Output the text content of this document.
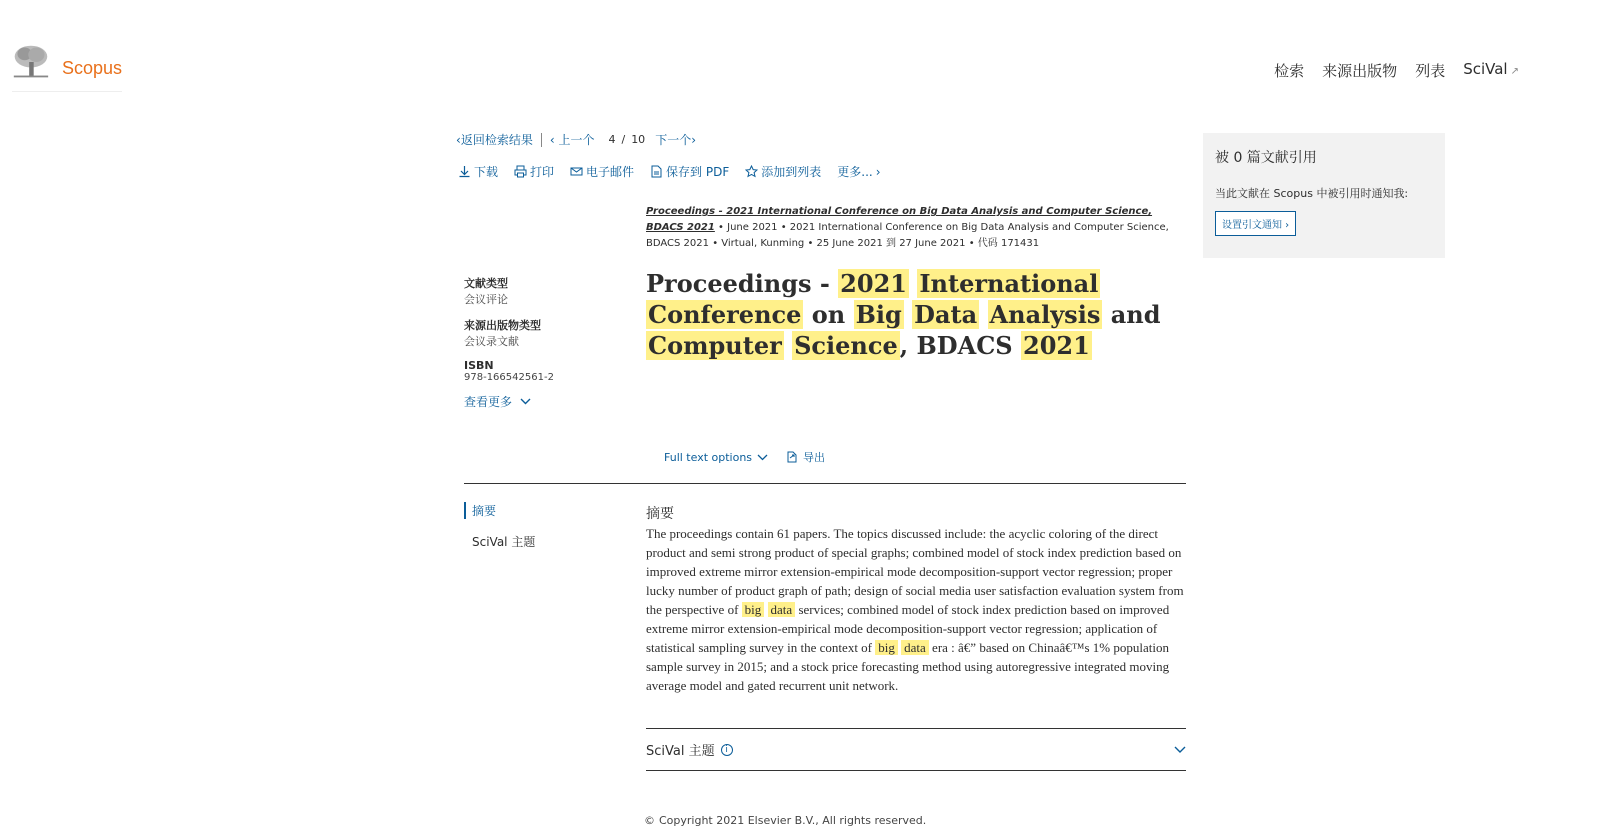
Scopus	检索 来源出版物 列表 SciVal ↗
‹返回检索结果 ‹ 上一个 4 / 10 下一个›
下载	打印	电子邮件	保存到 PDF	添加到列表 更多... ›
Proceedings - 2021 International Conference on Big Data Analysis and Computer Science, BDACS 2021 • June 2021 • 2021 International Conference on Big Data Analysis and Computer Science, BDACS 2021 • Virtual, Kunming • 25 June 2021 到 27 June 2021 • 代码 171431
文献类型
会议评论
来源出版物类型
会议录文献
ISBN
978-166542561-2
查看更多
Proceedings - 2021 International Conference on Big Data Analysis and Computer Science, BDACS 2021
Full text options	导出
摘要
SciVal 主题
摘要

The proceedings contain 61 papers. The topics discussed include: the acyclic coloring of the direct product and semi strong product of special graphs; combined model of stock index prediction based on improved extreme mirror extension-empirical mode decomposition-support vector regression; proper lucky number of product graph of path; design of social media user satisfaction evaluation system from the perspective of big data services; combined model of stock index prediction based on improved extreme mirror extension-empirical mode decomposition-support vector regression; application of statistical sampling survey in the context of big data era : â€” based on Chinaâ€™s 1% population sample survey in 2015; and a stock price forecasting method using autoregressive integrated moving average model and gated recurrent unit network.

SciVal 主题	i
© Copyright 2021 Elsevier B.V., All rights reserved.
被 0 篇文献引用
当此文献在 Scopus 中被引用时通知我:
设置引文通知 ›
